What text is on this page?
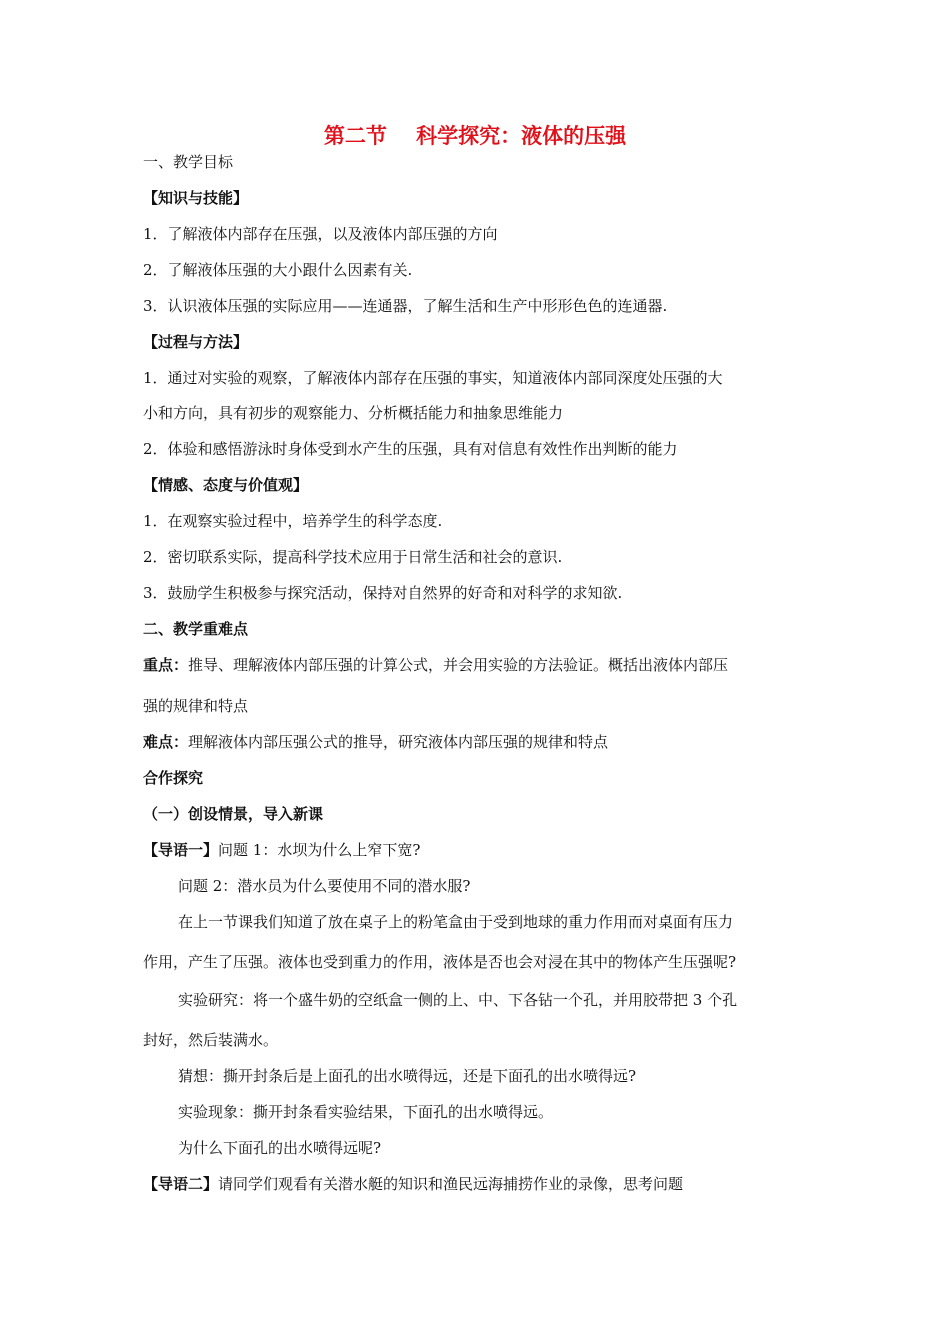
第二节    科学探究：液体的压强
一、教学目标
【知识与技能】
1．了解液体内部存在压强，以及液体内部压强的方向
2．了解液体压强的大小跟什么因素有关.
3．认识液体压强的实际应用——连通器，了解生活和生产中形形色色的连通器.
【过程与方法】
1．通过对实验的观察，了解液体内部存在压强的事实，知道液体内部同深度处压强的大
小和方向，具有初步的观察能力、分析概括能力和抽象思维能力
2．体验和感悟游泳时身体受到水产生的压强，具有对信息有效性作出判断的能力
【情感、态度与价值观】
1．在观察实验过程中，培养学生的科学态度.
2．密切联系实际，提高科学技术应用于日常生活和社会的意识.
3．鼓励学生积极参与探究活动，保持对自然界的好奇和对科学的求知欲.
二、教学重难点
重点：推导、理解液体内部压强的计算公式，并会用实验的方法验证。概括出液体内部压
强的规律和特点
难点：理解液体内部压强公式的推导，研究液体内部压强的规律和特点
合作探究
（一）创设情景，导入新课
【导语一】问题 1：水坝为什么上窄下宽?
问题 2：潜水员为什么要使用不同的潜水服?
在上一节课我们知道了放在桌子上的粉笔盒由于受到地球的重力作用而对桌面有压力
作用，产生了压强。液体也受到重力的作用，液体是否也会对浸在其中的物体产生压强呢?
实验研究：将一个盛牛奶的空纸盒一侧的上、中、下各钻一个孔，并用胶带把 3 个孔
封好，然后装满水。
猜想：撕开封条后是上面孔的出水喷得远，还是下面孔的出水喷得远?
实验现象：撕开封条看实验结果，下面孔的出水喷得远。
为什么下面孔的出水喷得远呢?
【导语二】请同学们观看有关潜水艇的知识和渔民远海捕捞作业的录像，思考问题
